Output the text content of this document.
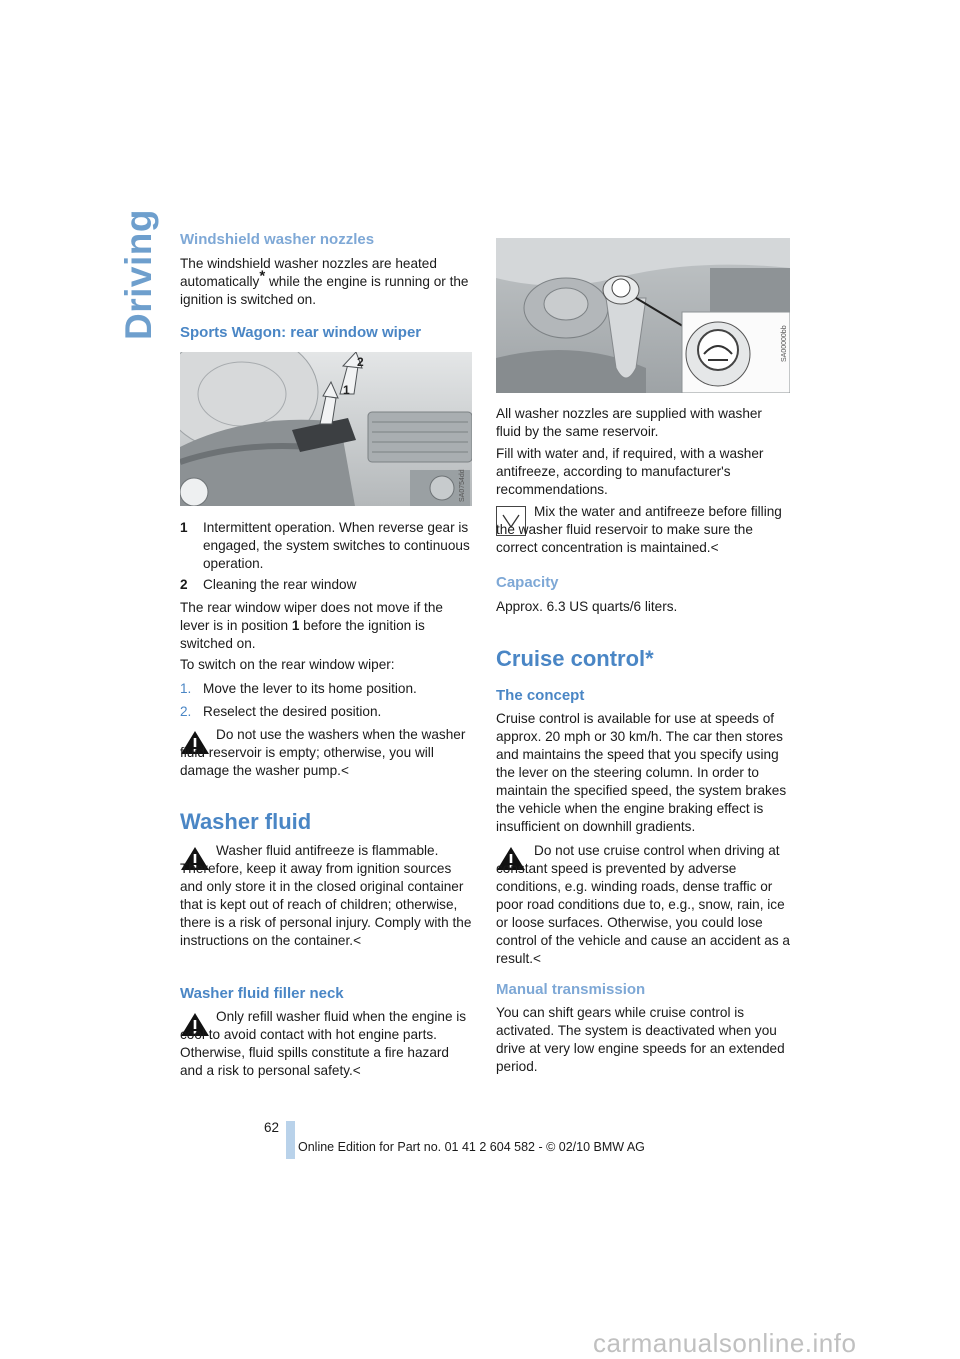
Driving Windshield washer nozzles
The windshield washer nozzles are heated automatically* while the engine is running or the ignition is switched on.
Sports Wagon: rear window wiper
1
2
SA0754dd
1	Intermittent operation. When reverse gear is engaged, the system switches to continuous operation.
2	Cleaning the rear window
The rear window wiper does not move if the lever is in position 1 before the ignition is switched on.
To switch on the rear window wiper:
1. Move the lever to its home position.
2. Reselect the desired position.
Do not use the washers when the washer fluid reservoir is empty; otherwise, you will damage the washer pump.<
Washer fluid
Washer fluid antifreeze is flammable. Therefore, keep it away from ignition sources and only store it in the closed original container that is kept out of reach of children; otherwise, there is a risk of personal injury. Comply with the instructions on the container.<
Washer fluid filler neck
Only refill washer fluid when the engine is cool to avoid contact with hot engine parts. Otherwise, fluid spills constitute a fire hazard and a risk to personal safety.<
SA00000bb
All washer nozzles are supplied with washer fluid by the same reservoir.
Fill with water and, if required, with a washer antifreeze, according to manufacturer's recommendations.
Mix the water and antifreeze before filling the washer fluid reservoir to make sure the correct concentration is maintained.<
Capacity
Approx. 6.3 US quarts/6 liters.
Cruise control*
The concept
Cruise control is available for use at speeds of approx. 20 mph or 30 km/h. The car then stores and maintains the speed that you specify using the lever on the steering column. In order to maintain the specified speed, the system brakes the vehicle when the engine braking effect is insufficient on downhill gradients.
Do not use cruise control when driving at constant speed is prevented by adverse conditions, e.g. winding roads, dense traffic or poor road conditions due to, e.g., snow, rain, ice or loose surfaces. Otherwise, you could lose control of the vehicle and cause an accident as a result.<
Manual transmission
You can shift gears while cruise control is activated. The system is deactivated when you drive at very low engine speeds for an extended period.
62
Online Edition for Part no. 01 41 2 604 582 - © 02/10 BMW AG
carmanualsonline.info
